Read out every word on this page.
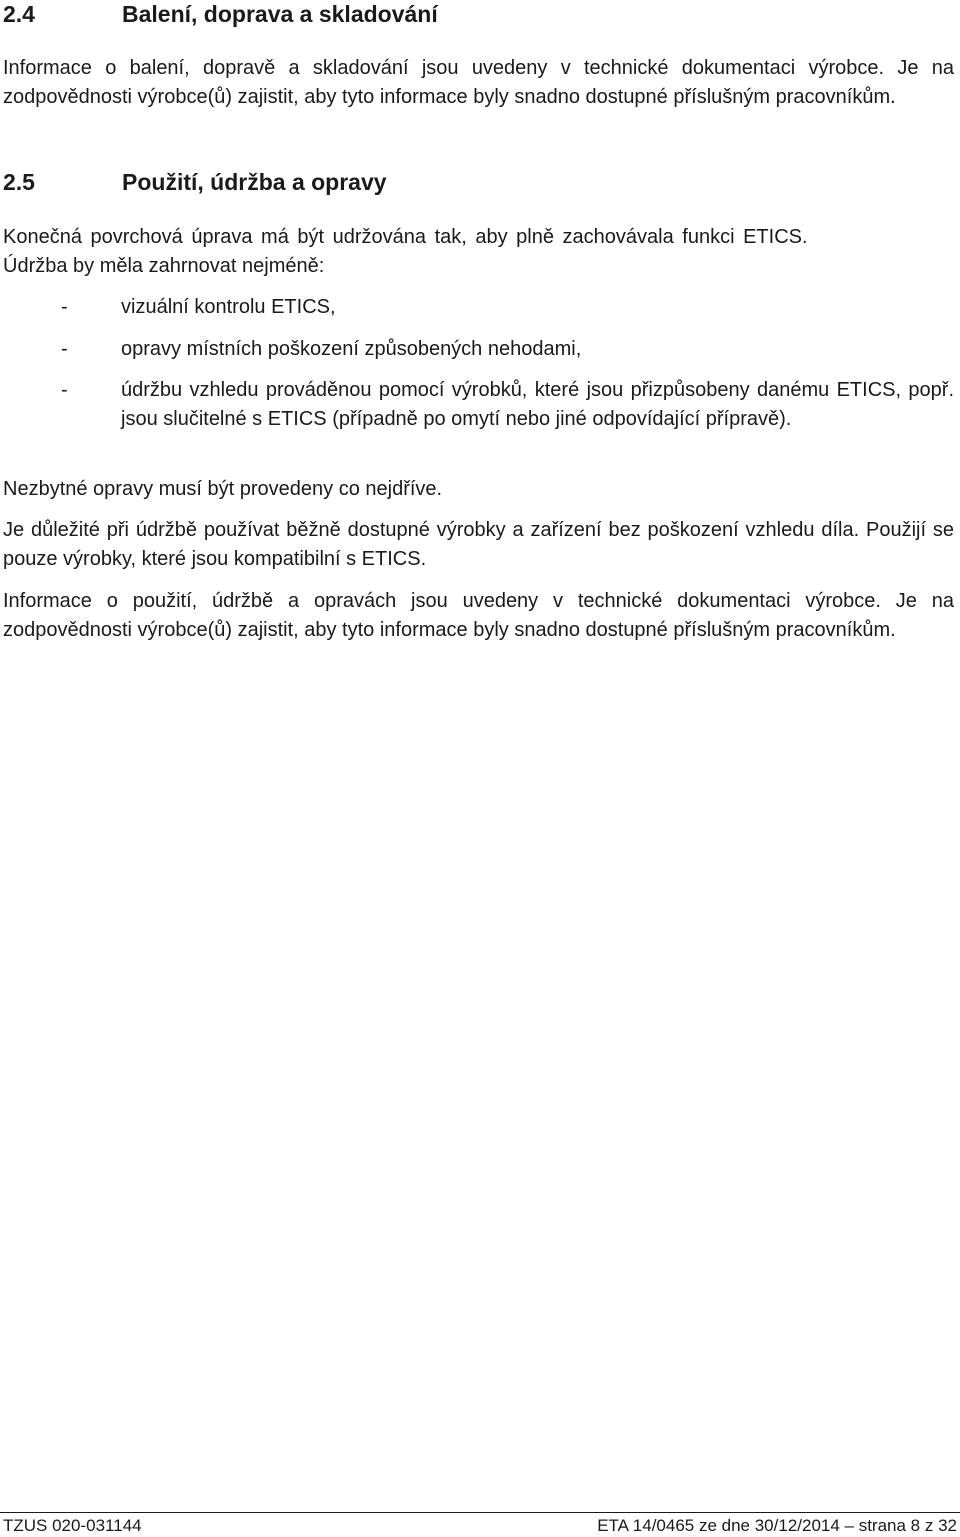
2.4	Balení, doprava a skladování

Informace o balení, dopravě a skladování jsou uvedeny v technické dokumentaci výrobce. Je na zodpovědnosti výrobce(ů) zajistit, aby tyto informace byly snadno dostupné příslušným pracovníkům.

2.5	Použití, údržba a opravy

Konečná povrchová úprava má být udržována tak, aby plně zachovávala funkci ETICS.

Údržba by měla zahrnovat nejméně:

-	vizuální kontrolu ETICS,
-	opravy místních poškození způsobených nehodami,
-	údržbu vzhledu prováděnou pomocí výrobků, které jsou přizpůsobeny danému ETICS, popř. jsou slučitelné s ETICS (případně po omytí nebo jiné odpovídající přípravě).

Nezbytné opravy musí být provedeny co nejdříve.

Je důležité při údržbě používat běžně dostupné výrobky a zařízení bez poškození vzhledu díla. Použijí se pouze výrobky, které jsou kompatibilní s ETICS.

Informace o použití, údržbě a opravách jsou uvedeny v technické dokumentaci výrobce. Je na zodpovědnosti výrobce(ů) zajistit, aby tyto informace byly snadno dostupné příslušným pracovníkům.

TZUS 020-031144	ETA 14/0465 ze dne 30/12/2014 – strana 8 z 32
